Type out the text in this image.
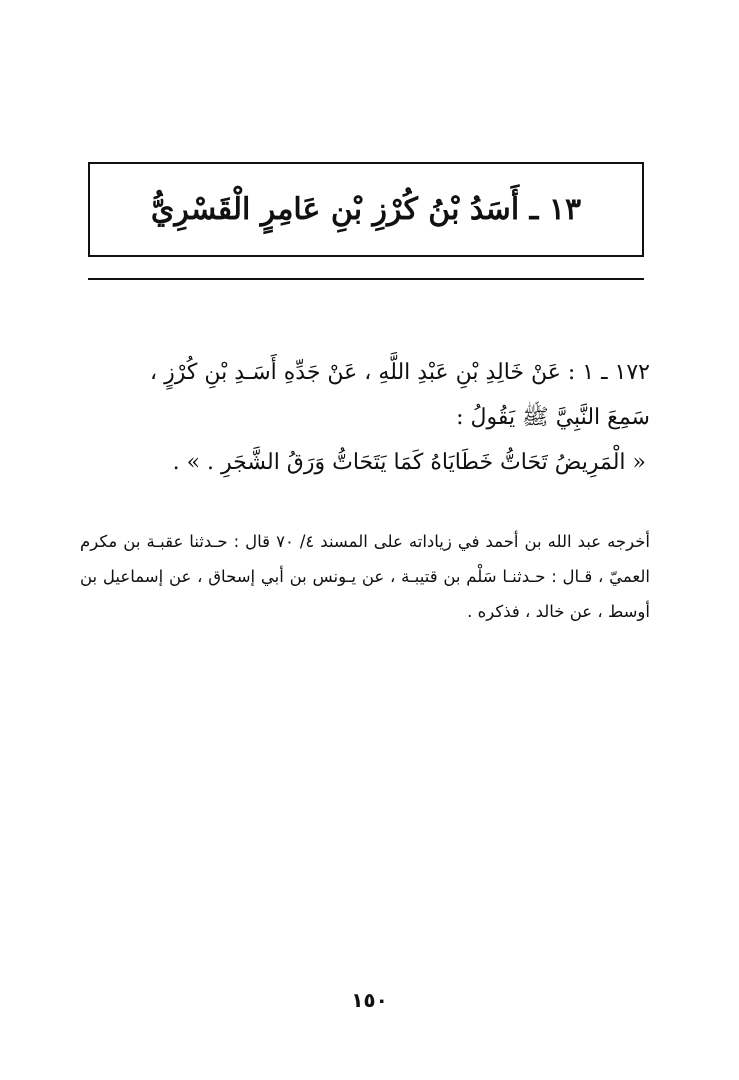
١٣ ـ أَسَدُ بْنُ كُرْزِ بْنِ عَامِرٍ الْقَسْرِيُّ

١٧٢ ـ ١ : عَنْ خَالِدِ بْنِ عَبْدِ اللَّهِ ، عَنْ جَدِّهِ أَسَـدِ بْنِ كُرْزٍ ،

سَمِعَ النَّبِيَّ ﷺ يَقُولُ :

« الْمَرِيضُ تَحَاتُّ خَطَايَاهُ كَمَا يَتَحَاتُّ وَرَقُ الشَّجَرِ . » .

أخرجه عبد الله بن أحمد في زياداته على المسند ٤/ ٧٠ قال : حـدثنا عقبـة بن مكرم العميّ ، قـال : حـدثنـا سَلْم بن قتيبـة ، عن يـونس بن أبي إسحاق ، عن إسماعيل بن أوسط ، عن خالد ، فذكره .

١٥٠
